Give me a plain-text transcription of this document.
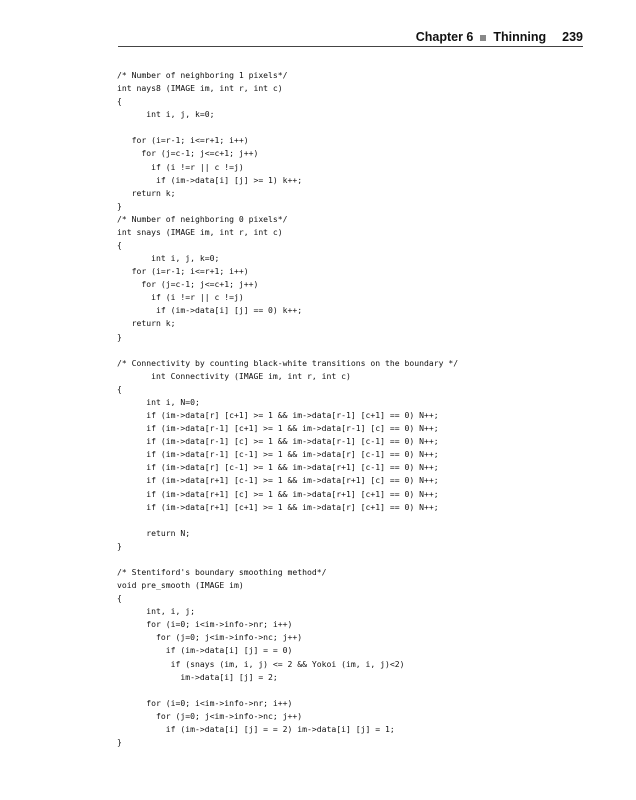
Chapter 6 Thinning 239
/* Number of neighboring 1 pixels*/
int nays8 (IMAGE im, int r, int c)
{
int i, j, k=0;
for (i=r-1; i<=r+1; i++)
for (j=c-1; j<=c+1; j++)
if (i !=r || c !=j)
if (im->data[i] [j] >= 1) k++;
return k;
}
/* Number of neighboring 0 pixels*/
int snays (IMAGE im, int r, int c)
{
int i, j, k=0;
for (i=r-1; i<=r+1; i++)
for (j=c-1; j<=c+1; j++)
if (i !=r || c !=j)
if (im->data[i] [j] == 0) k++;
return k;
}
/* Connectivity by counting black-white transitions on the boundary */
int Connectivity (IMAGE im, int r, int c)
{
int i, N=0;
if (im->data[r] [c+1] >= 1 && im->data[r-1] [c+1] == 0) N++;
if (im->data[r-1] [c+1] >= 1 && im->data[r-1] [c] == 0) N++;
if (im->data[r-1] [c] >= 1 && im->data[r-1] [c-1] == 0) N++;
if (im->data[r-1] [c-1] >= 1 && im->data[r] [c-1] == 0) N++;
if (im->data[r] [c-1] >= 1 && im->data[r+1] [c-1] == 0) N++;
if (im->data[r+1] [c-1] >= 1 && im->data[r+1] [c] == 0) N++;
if (im->data[r+1] [c] >= 1 && im->data[r+1] [c+1] == 0) N++;
if (im->data[r+1] [c+1] >= 1 && im->data[r] [c+1] == 0) N++;
return N;
}
/* Stentiford's boundary smoothing method*/
void pre_smooth (IMAGE im)
{
int, i, j;
for (i=0; i<im->info->nr; i++)
for (j=0; j<im->info->nc; j++)
if (im->data[i] [j] = = 0)
if (snays (im, i, j) <= 2 && Yokoi (im, i, j)<2)
im->data[i] [j] = 2;
for (i=0; i<im->info->nr; i++)
for (j=0; j<im->info->nc; j++)
if (im->data[i] [j] = = 2) im->data[i] [j] = 1;
}
